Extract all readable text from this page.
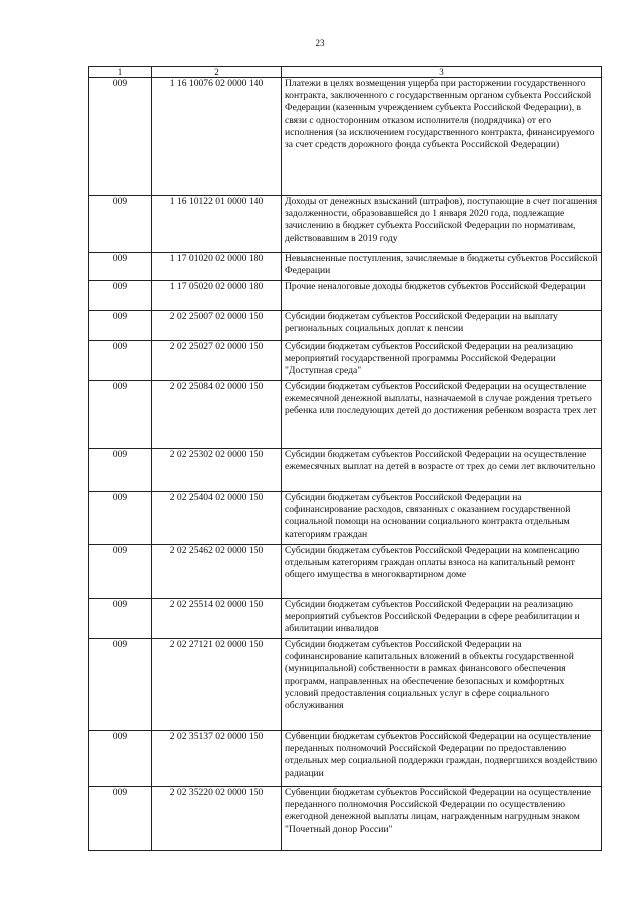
23
1	2	3
009	1 16 10076 02 0000 140	Платежи в целях возмещения ущерба при расторжении государственного контракта, заключенного с государственным органом субъекта Российской Федерации (казенным учреждением субъекта Российской Федерации), в связи с односторонним отказом исполнителя (подрядчика) от его исполнения (за исключением государственного контракта, финансируемого за счет средств дорожного фонда субъекта Российской Федерации)
009	1 16 10122 01 0000 140	Доходы от денежных взысканий (штрафов), поступающие в счет погашения задолженности, образовавшейся до 1 января 2020 года, подлежащие зачислению в бюджет субъекта Российской Федерации по нормативам, действовавшим в 2019 году
009	1 17 01020 02 0000 180	Невыясненные поступления, зачисляемые в бюджеты субъектов Российской Федерации
009	1 17 05020 02 0000 180	Прочие неналоговые доходы бюджетов субъектов Российской Федерации
009	2 02 25007 02 0000 150	Субсидии бюджетам субъектов Российской Федерации на выплату региональных социальных доплат к пенсии
009	2 02 25027 02 0000 150	Субсидии бюджетам субъектов Российской Федерации на реализацию мероприятий государственной программы Российской Федерации "Доступная среда"
009	2 02 25084 02 0000 150	Субсидии бюджетам субъектов Российской Федерации на осуществление ежемесячной денежной выплаты, назначаемой в случае рождения третьего ребенка или последующих детей до достижения ребенком возраста трех лет
009	2 02 25302 02 0000 150	Субсидии бюджетам субъектов Российской Федерации на осуществление ежемесячных выплат на детей в возрасте от трех до семи лет включительно
009	2 02 25404 02 0000 150	Субсидии бюджетам субъектов Российской Федерации на софинансирование расходов, связанных с оказанием государственной социальной помощи на основании социального контракта отдельным категориям граждан
009	2 02 25462 02 0000 150	Субсидии бюджетам субъектов Российской Федерации на компенсацию отдельным категориям граждан оплаты взноса на капитальный ремонт общего имущества в многоквартирном доме
009	2 02 25514 02 0000 150	Субсидии бюджетам субъектов Российской Федерации на реализацию мероприятий субъектов Российской Федерации в сфере реабилитации и абилитации инвалидов
009	2 02 27121 02 0000 150	Субсидии бюджетам субъектов Российской Федерации на софинансирование капитальных вложений в объекты государственной (муниципальной) собственности в рамках финансового обеспечения программ, направленных на обеспечение безопасных и комфортных условий предоставления социальных услуг в сфере социального обслуживания
009	2 02 35137 02 0000 150	Субвенции бюджетам субъектов Российской Федерации на осуществление переданных полномочий Российской Федерации по предоставлению отдельных мер социальной поддержки граждан, подвергшихся воздействию радиации
009	2 02 35220 02 0000 150	Субвенции бюджетам субъектов Российской Федерации на осуществление переданного полномочия Российской Федерации по осуществлению ежегодной денежной выплаты лицам, награжденным нагрудным знаком "Почетный донор России"
